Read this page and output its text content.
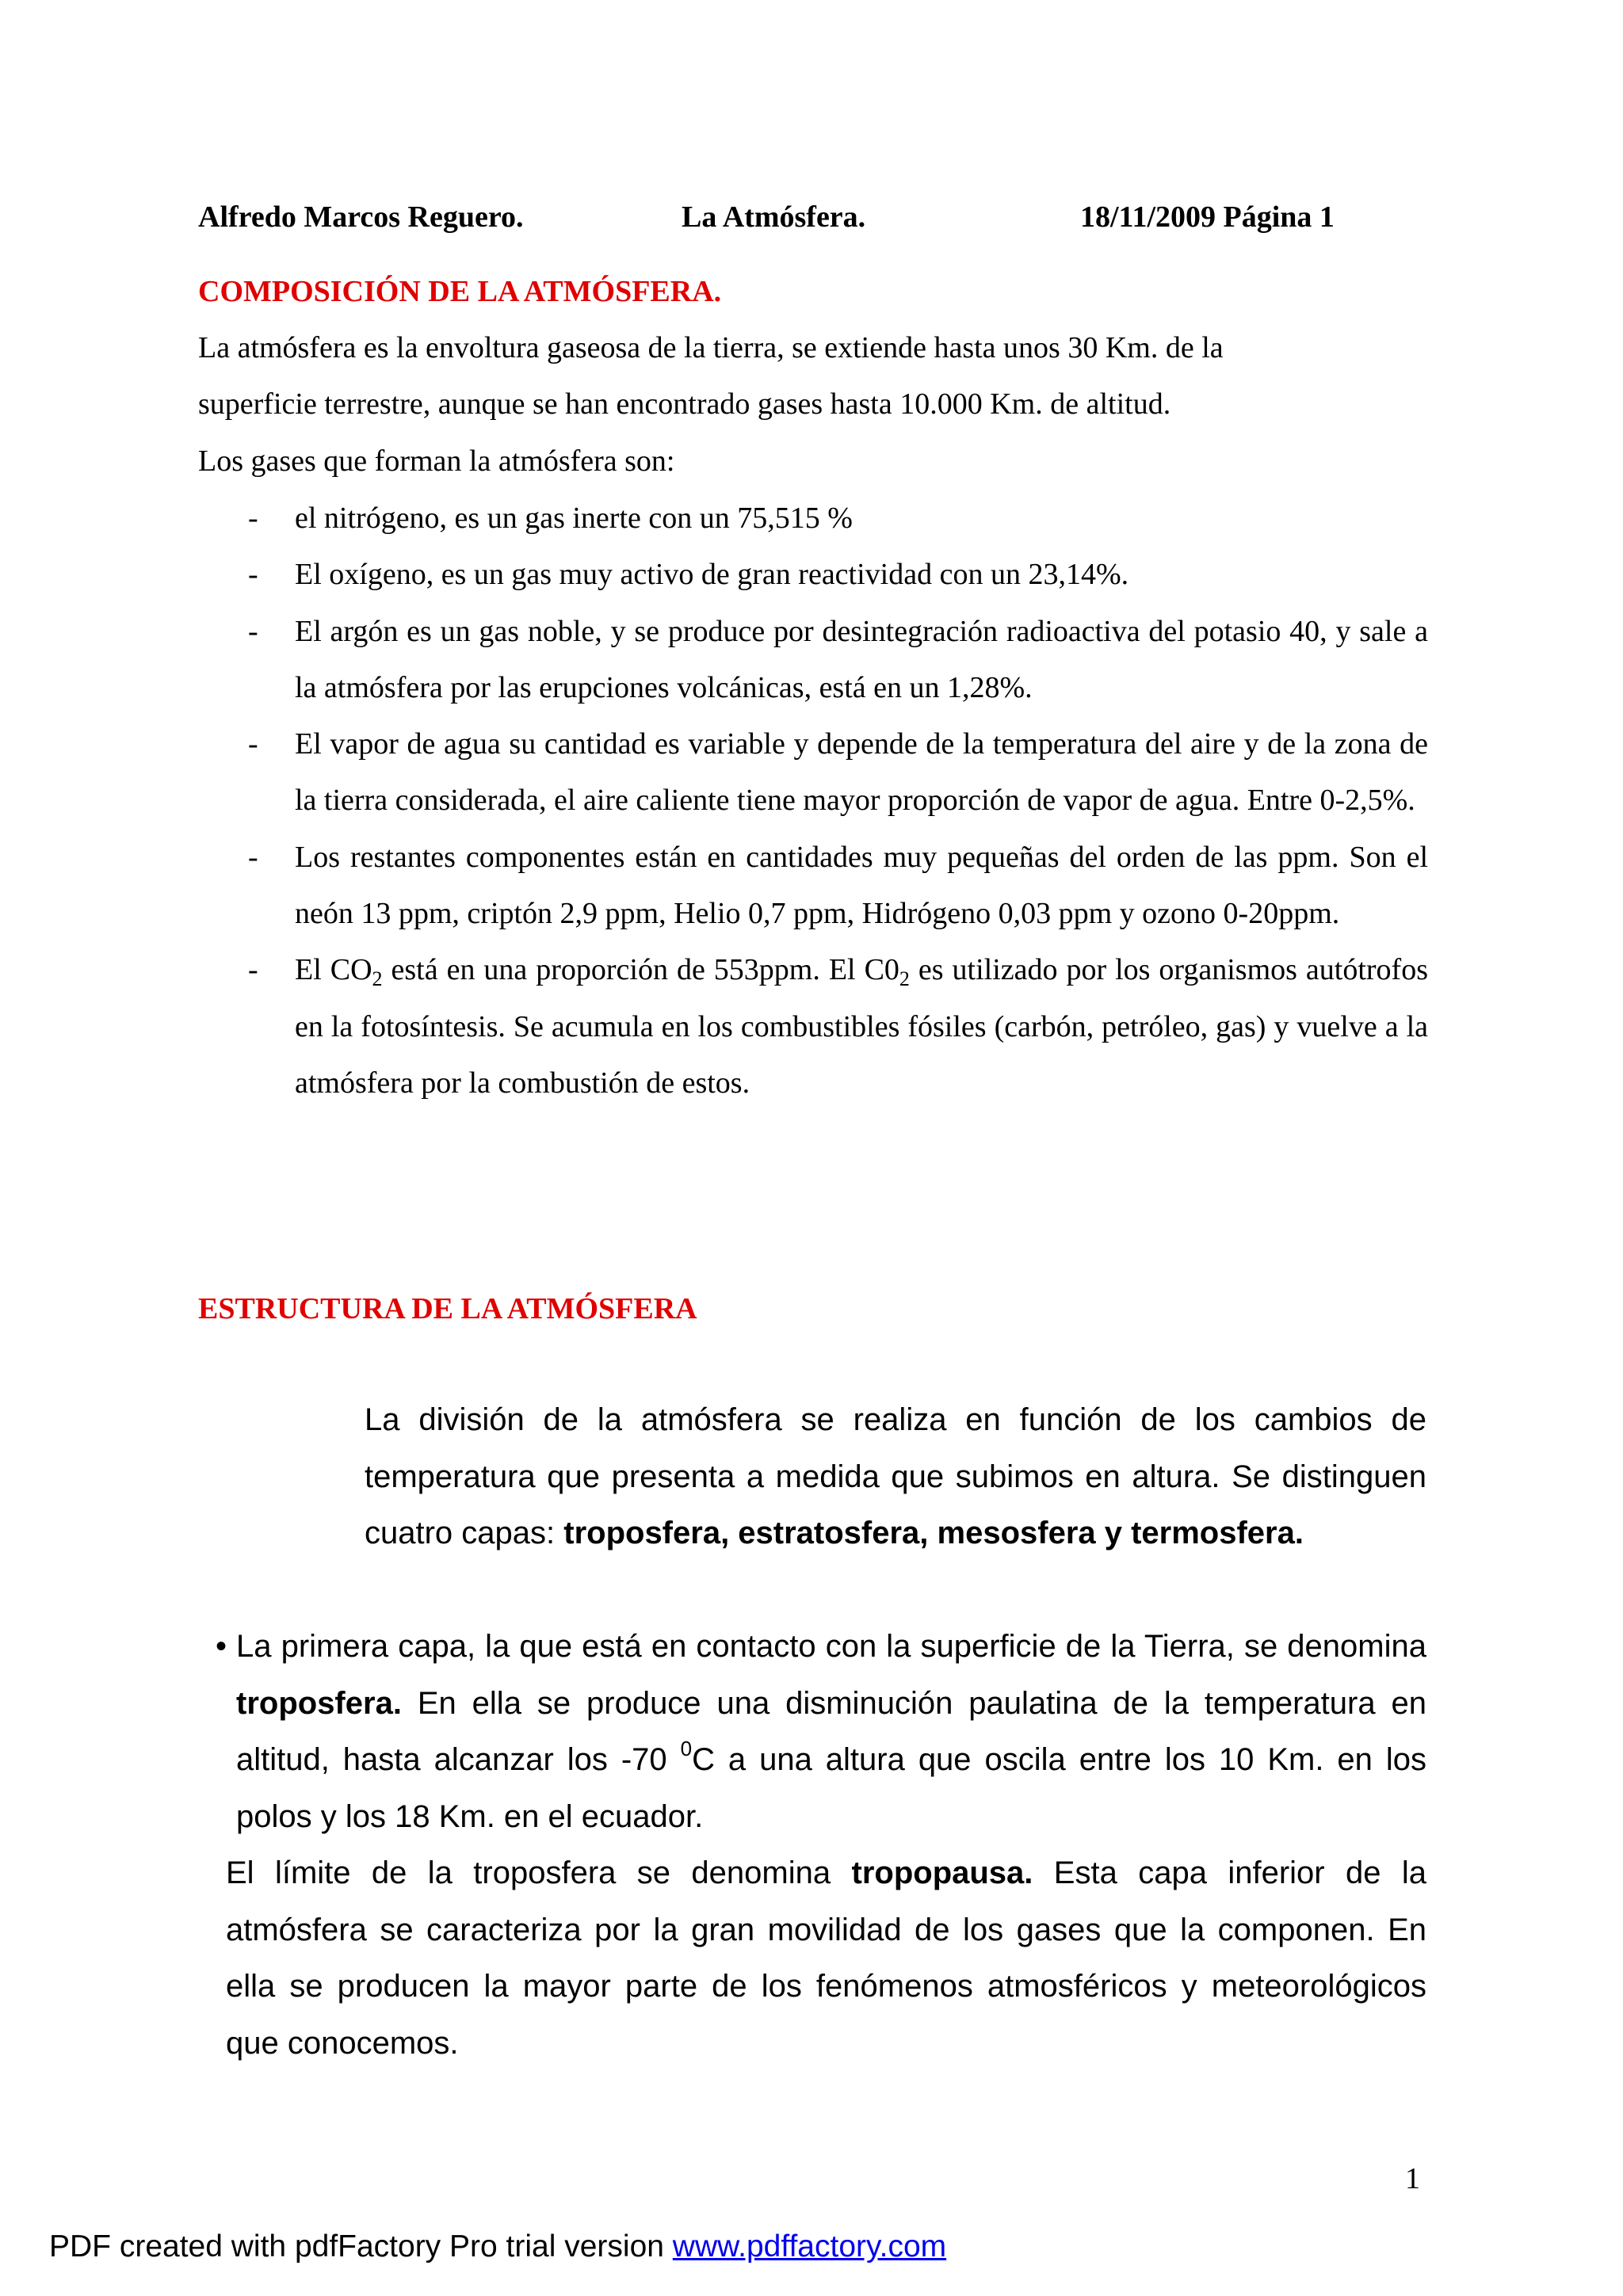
Alfredo Marcos Reguero.	La Atmósfera.	18/11/2009 Página 1
COMPOSICIÓN DE LA ATMÓSFERA.
La atmósfera es la envoltura gaseosa de la tierra, se extiende hasta unos 30 Km. de la
superficie terrestre, aunque se han encontrado gases hasta 10.000 Km. de altitud.
Los gases que forman la atmósfera son:
- el nitrógeno, es un gas inerte con un 75,515 %
- El oxígeno, es un gas muy activo de gran reactividad con un 23,14%.
- El argón es un gas noble, y se produce por desintegración radioactiva del potasio 40, y sale a la atmósfera por las erupciones volcánicas, está en un 1,28%.
- El vapor de agua su cantidad es variable y depende de la temperatura del aire y de la zona de la tierra considerada, el aire caliente tiene mayor proporción de vapor de agua. Entre 0-2,5%.
- Los restantes componentes están en cantidades muy pequeñas del orden de las ppm. Son el neón 13 ppm, criptón 2,9 ppm, Helio 0,7 ppm, Hidrógeno 0,03 ppm y ozono 0-20ppm.
- El $CO_2$ está en una proporción de 553ppm. El $C0_2$ es utilizado por los organismos autótrofos en la fotosíntesis. Se acumula en los combustibles fósiles (carbón, petróleo, gas) y vuelve a la atmósfera por la combustión de estos.
ESTRUCTURA DE LA ATMÓSFERA
La división de la atmósfera se realiza en función de los cambios de temperatura que presenta a medida que subimos en altura. Se distinguen cuatro capas: troposfera, estratosfera, mesosfera y termosfera.
• La primera capa, la que está en contacto con la superficie de la Tierra, se denomina troposfera. En ella se produce una disminución paulatina de la temperatura en altitud, hasta alcanzar los -70 $^0$C a una altura que oscila entre los 10 Km. en los polos y los 18 Km. en el ecuador.
El límite de la troposfera se denomina tropopausa. Esta capa inferior de la atmósfera se caracteriza por la gran movilidad de los gases que la componen. En ella se producen la mayor parte de los fenómenos atmosféricos y meteorológicos que conocemos.
1
PDF created with pdfFactory Pro trial version www.pdffactory.com
